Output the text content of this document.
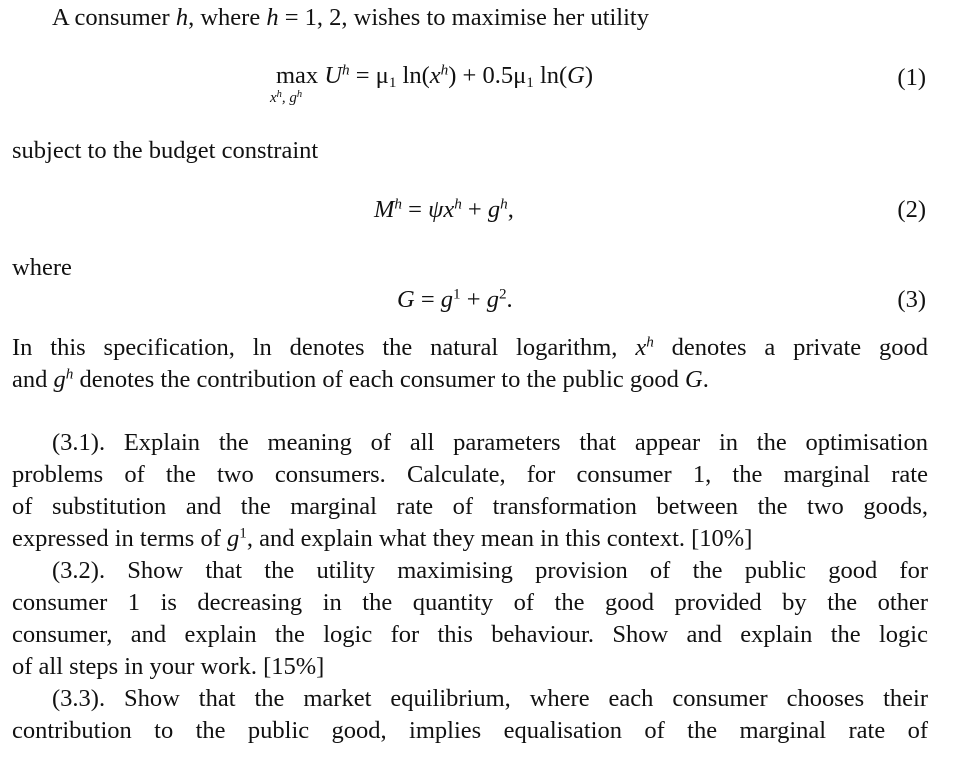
A consumer h, where h = 1, 2, wishes to maximise her utility
$\max U^h = \mu_1$ $\ln(x^h) + 0.5\mu_1$ ln(G)
$x^h$, $g^h$
(1)
subject to the budget constraint
$M^h = \psi x^h + g^h$,	(2)
where
$G = g^1 + g^2$.	(3)
In this specification, ln denotes the natural logarithm, $x^h$ denotes a private good
and $g^h$ denotes the contribution of each consumer to the public good G.
(3.1). Explain the meaning of all parameters that appear in the optimisation
problems of the two consumers. Calculate, for consumer 1, the marginal rate
of substitution and the marginal rate of transformation between the two goods,
expressed in terms of $g^1$, and explain what they mean in this context. [10%]
(3.2). Show that the utility maximising provision of the public good for
consumer 1 is decreasing in the quantity of the good provided by the other
consumer, and explain the logic for this behaviour. Show and explain the logic
of all steps in your work. [15%]
(3.3). Show that the market equilibrium, where each consumer chooses their
contribution to the public good, implies equalisation of the marginal rate of
